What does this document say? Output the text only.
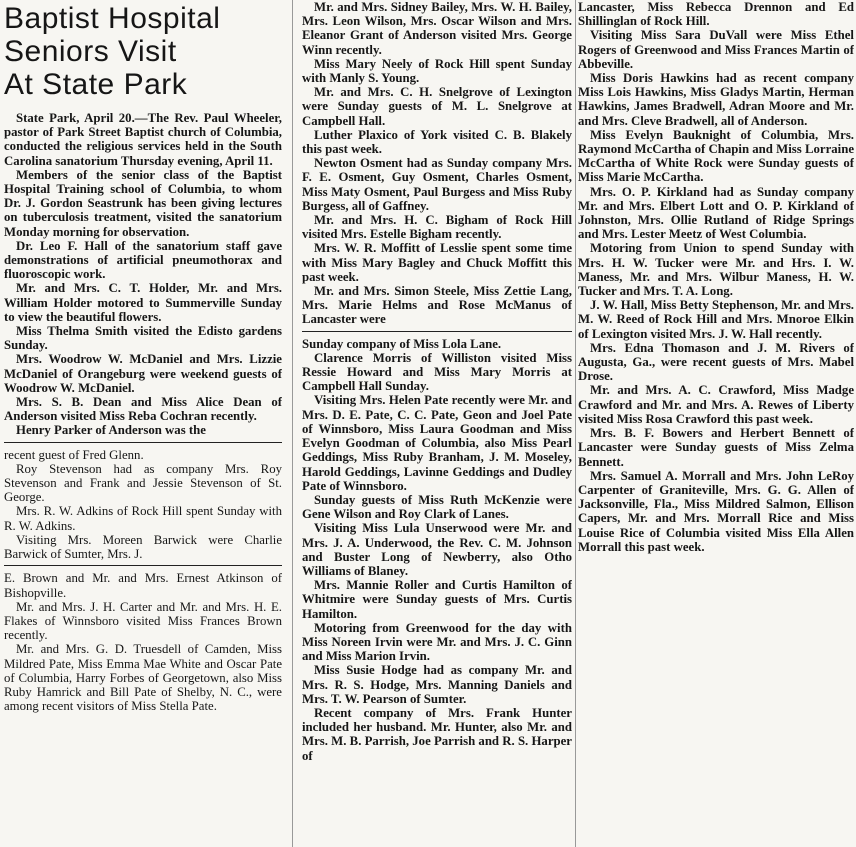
Baptist Hospital
Seniors Visit
At State Park

State Park, April 20.—The Rev. Paul Wheeler, pastor of Park Street Baptist church of Columbia, conducted the religious services held in the South Carolina sanatorium Thursday evening, April 11.

Members of the senior class of the Baptist Hospital Training school of Columbia, to whom Dr. J. Gordon Seastrunk has been giving lectures on tuberculosis treatment, visited the sanatorium Monday morning for observation.

Dr. Leo F. Hall of the sanatorium staff gave demonstrations of artificial pneumothorax and fluoroscopic work.

Mr. and Mrs. C. T. Holder, Mr. and Mrs. William Holder motored to Summerville Sunday to view the beautiful flowers.

Miss Thelma Smith visited the Edisto gardens Sunday.

Mrs. Woodrow W. McDaniel and Mrs. Lizzie McDaniel of Orangeburg were weekend guests of Woodrow W. McDaniel.

Mrs. S. B. Dean and Miss Alice Dean of Anderson visited Miss Reba Cochran recently.

Henry Parker of Anderson was the

recent guest of Fred Glenn.

Roy Stevenson had as company Mrs. Roy Stevenson and Frank and Jessie Stevenson of St. George.

Mrs. R. W. Adkins of Rock Hill spent Sunday with R. W. Adkins.

Visiting Mrs. Moreen Barwick were Charlie Barwick of Sumter, Mrs. J.

E. Brown and Mr. and Mrs. Ernest Atkinson of Bishopville.

Mr. and Mrs. J. H. Carter and Mr. and Mrs. H. E. Flakes of Winnsboro visited Miss Frances Brown recently.

Mr. and Mrs. G. D. Truesdell of Camden, Miss Mildred Pate, Miss Emma Mae White and Oscar Pate of Columbia, Harry Forbes of Georgetown, also Miss Ruby Hamrick and Bill Pate of Shelby, N. C., were among recent visitors of Miss Stella Pate.

Mr. and Mrs. Sidney Bailey, Mrs. W. H. Bailey, Mrs. Leon Wilson, Mrs. Oscar Wilson and Mrs. Eleanor Grant of Anderson visited Mrs. George Winn recently.

Miss Mary Neely of Rock Hill spent Sunday with Manly S. Young.

Mr. and Mrs. C. H. Snelgrove of Lexington were Sunday guests of M. L. Snelgrove at Campbell Hall.

Luther Plaxico of York visited C. B. Blakely this past week.

Newton Osment had as Sunday company Mrs. F. E. Osment, Guy Osment, Charles Osment, Miss Maty Osment, Paul Burgess and Miss Ruby Burgess, all of Gaffney.

Mr. and Mrs. H. C. Bigham of Rock Hill visited Mrs. Estelle Bigham recently.

Mrs. W. R. Moffitt of Lesslie spent some time with Miss Mary Bagley and Chuck Moffitt this past week.

Mr. and Mrs. Simon Steele, Miss Zettie Lang, Mrs. Marie Helms and Rose McManus of Lancaster were

Sunday company of Miss Lola Lane.

Clarence Morris of Williston visited Miss Ressie Howard and Miss Mary Morris at Campbell Hall Sunday.

Visiting Mrs. Helen Pate recently were Mr. and Mrs. D. E. Pate, C. C. Pate, Geon and Joel Pate of Winnsboro, Miss Laura Goodman and Miss Evelyn Goodman of Columbia, also Miss Pearl Geddings, Miss Ruby Branham, J. M. Moseley, Harold Geddings, Lavinne Geddings and Dudley Pate of Winnsboro.

Sunday guests of Miss Ruth McKenzie were Gene Wilson and Roy Clark of Lanes.

Visiting Miss Lula Unserwood were Mr. and Mrs. J. A. Underwood, the Rev. C. M. Johnson and Buster Long of Newberry, also Otho Williams of Blaney.

Mrs. Mannie Roller and Curtis Hamilton of Whitmire were Sunday guests of Mrs. Curtis Hamilton.

Motoring from Greenwood for the day with Miss Noreen Irvin were Mr. and Mrs. J. C. Ginn and Miss Marion Irvin.

Miss Susie Hodge had as company Mr. and Mrs. R. S. Hodge, Mrs. Manning Daniels and Mrs. T. W. Pearson of Sumter.

Recent company of Mrs. Frank Hunter included her husband. Mr. Hunter, also Mr. and Mrs. M. B. Parrish, Joe Parrish and R. S. Harper of

Lancaster, Miss Rebecca Drennon and Ed Shillinglan of Rock Hill.

Visiting Miss Sara DuVall were Miss Ethel Rogers of Greenwood and Miss Frances Martin of Abbeville.

Miss Doris Hawkins had as recent company Miss Lois Hawkins, Miss Gladys Martin, Herman Hawkins, James Bradwell, Adran Moore and Mr. and Mrs. Cleve Bradwell, all of Anderson.

Miss Evelyn Bauknight of Columbia, Mrs. Raymond McCartha of Chapin and Miss Lorraine McCartha of White Rock were Sunday guests of Miss Marie McCartha.

Mrs. O. P. Kirkland had as Sunday company Mr. and Mrs. Elbert Lott and O. P. Kirkland of Johnston, Mrs. Ollie Rutland of Ridge Springs and Mrs. Lester Meetz of West Columbia.

Motoring from Union to spend Sunday with Mrs. H. W. Tucker were Mr. and Hrs. I. W. Maness, Mr. and Mrs. Wilbur Maness, H. W. Tucker and Mrs. T. A. Long.

J. W. Hall, Miss Betty Stephenson, Mr. and Mrs. M. W. Reed of Rock Hill and Mrs. Mnoroe Elkin of Lexington visited Mrs. J. W. Hall recently.

Mrs. Edna Thomason and J. M. Rivers of Augusta, Ga., were recent guests of Mrs. Mabel Drose.

Mr. and Mrs. A. C. Crawford, Miss Madge Crawford and Mr. and Mrs. A. Rewes of Liberty visited Miss Rosa Crawford this past week.

Mrs. B. F. Bowers and Herbert Bennett of Lancaster were Sunday guests of Miss Zelma Bennett.

Mrs. Samuel A. Morrall and Mrs. John LeRoy Carpenter of Graniteville, Mrs. G. G. Allen of Jacksonville, Fla., Miss Mildred Salmon, Ellison Capers, Mr. and Mrs. Morrall Rice and Miss Louise Rice of Columbia visited Miss Ella Allen Morrall this past week.
